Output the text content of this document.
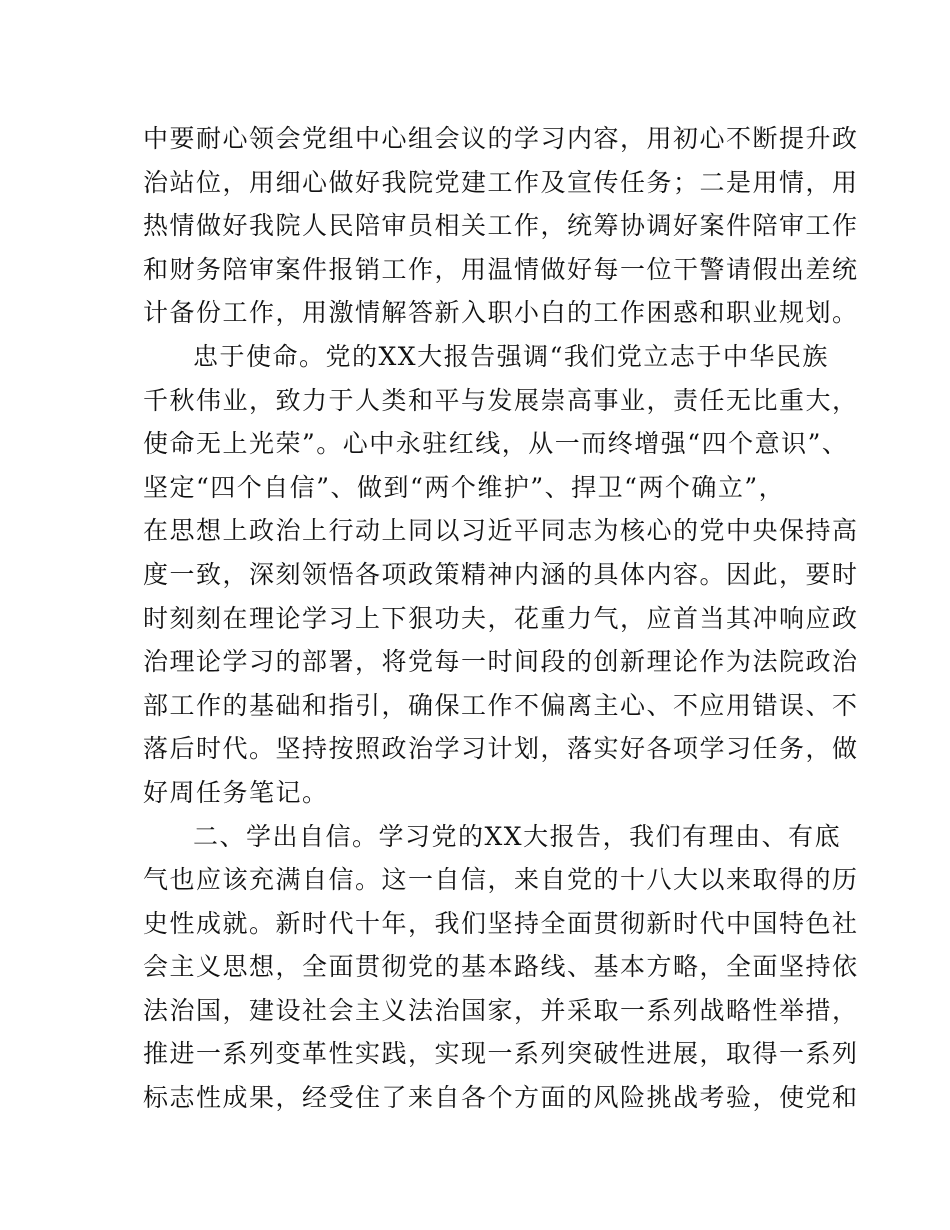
中要耐心领会党组中心组会议的学习内容，用初心不断提升政
治站位，用细心做好我院党建工作及宣传任务；二是用情，用
热情做好我院人民陪审员相关工作，统筹协调好案件陪审工作
和财务陪审案件报销工作，用温情做好每一位干警请假出差统
计备份工作，用激情解答新入职小白的工作困惑和职业规划。
忠于使命。党的XX大报告强调“我们党立志于中华民族
千秋伟业，致力于人类和平与发展崇高事业，责任无比重大，
使命无上光荣”。心中永驻红线，从一而终增强“四个意识”、
坚定“四个自信”、做到“两个维护”、捍卫“两个确立”，
在思想上政治上行动上同以习近平同志为核心的党中央保持高
度一致，深刻领悟各项政策精神内涵的具体内容。因此，要时
时刻刻在理论学习上下狠功夫，花重力气，应首当其冲响应政
治理论学习的部署，将党每一时间段的创新理论作为法院政治
部工作的基础和指引，确保工作不偏离主心、不应用错误、不
落后时代。坚持按照政治学习计划，落实好各项学习任务，做
好周任务笔记。
二、学出自信。学习党的XX大报告，我们有理由、有底
气也应该充满自信。这一自信，来自党的十八大以来取得的历
史性成就。新时代十年，我们坚持全面贯彻新时代中国特色社
会主义思想，全面贯彻党的基本路线、基本方略，全面坚持依
法治国，建设社会主义法治国家，并采取一系列战略性举措，
推进一系列变革性实践，实现一系列突破性进展，取得一系列
标志性成果，经受住了来自各个方面的风险挑战考验，使党和
